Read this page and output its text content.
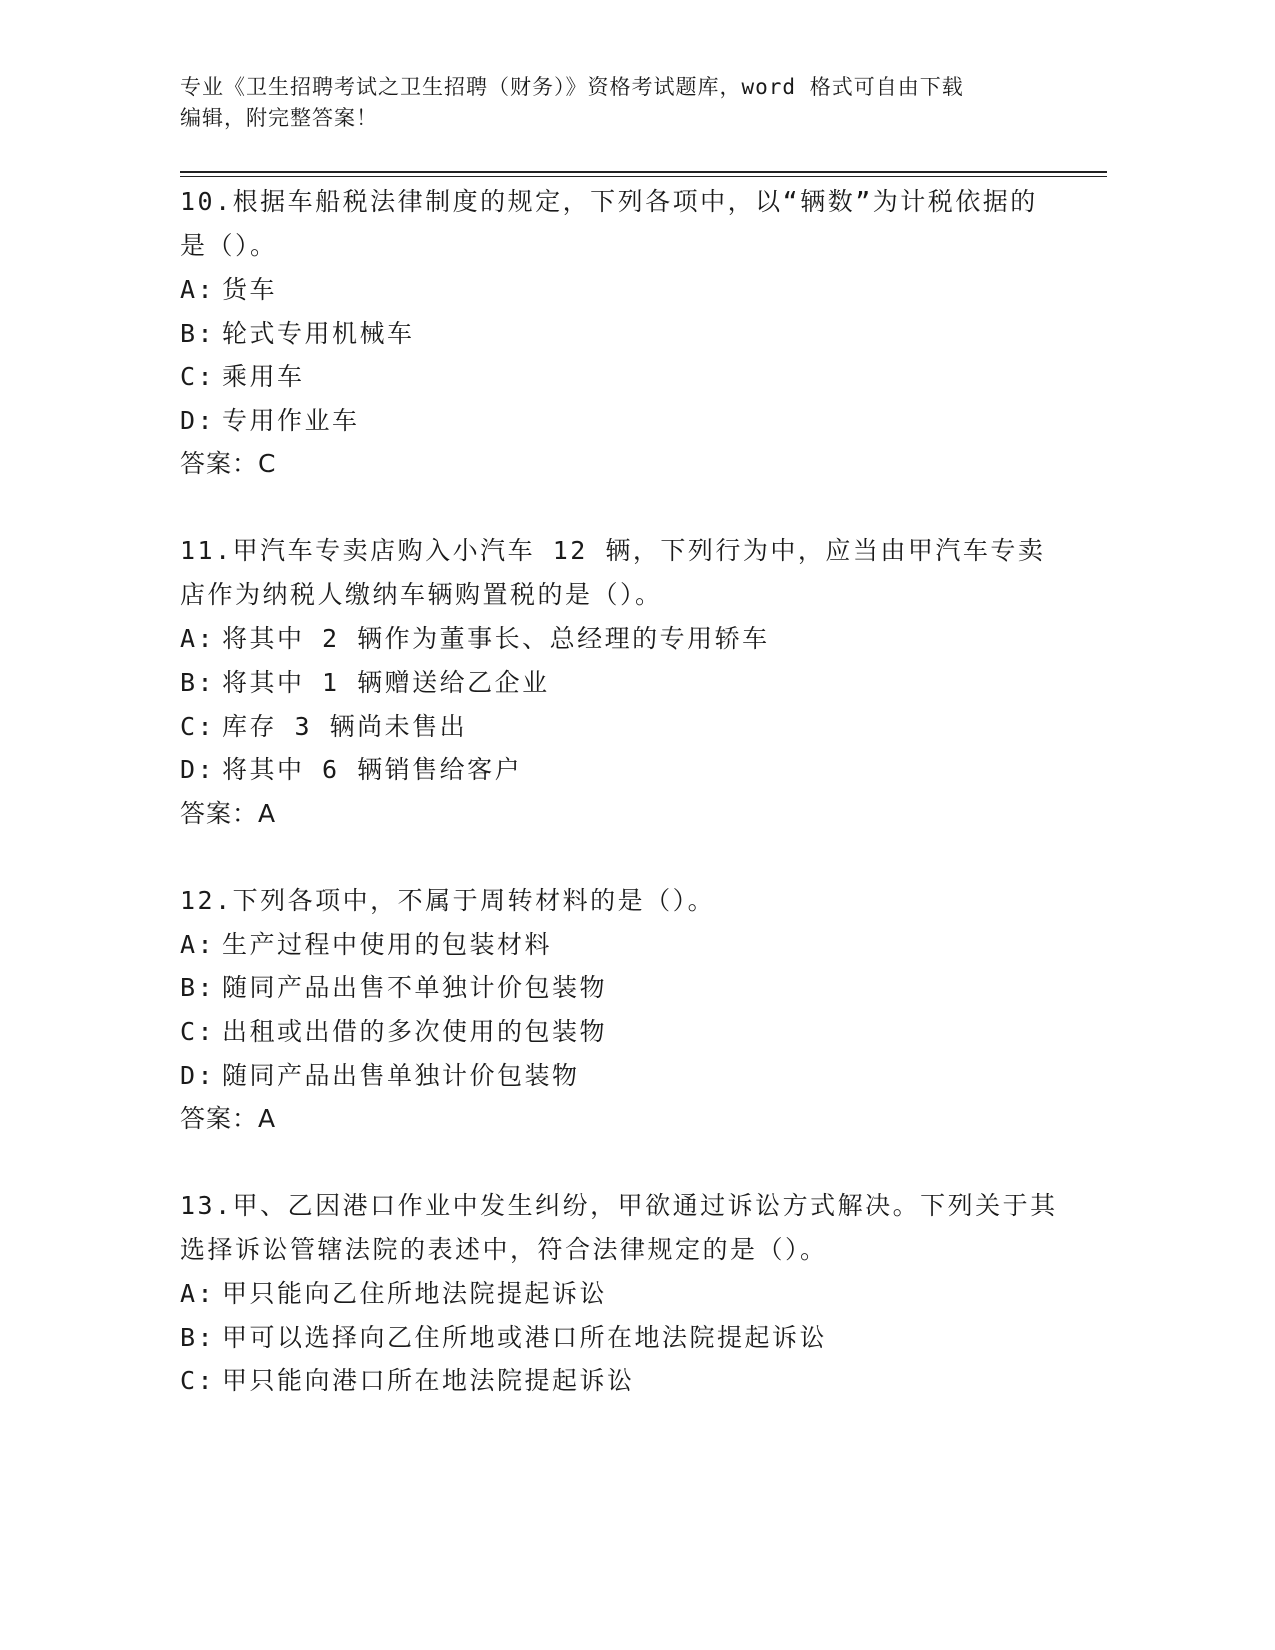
专业《卫生招聘考试之卫生招聘（财务）》资格考试题库，word 格式可自由下载
编辑，附完整答案！

10.根据车船税法律制度的规定，下列各项中，以“辆数”为计税依据的是（）。

A: 货车
B: 轮式专用机械车
C: 乘用车
D: 专用作业车

答案：C

11.甲汽车专卖店购入小汽车 12 辆，下列行为中，应当由甲汽车专卖店作为纳税人缴纳车辆购置税的是（）。

A: 将其中 2 辆作为董事长、总经理的专用轿车
B: 将其中 1 辆赠送给乙企业
C: 库存 3 辆尚未售出
D: 将其中 6 辆销售给客户

答案：A

12.下列各项中，不属于周转材料的是（）。

A: 生产过程中使用的包装材料
B: 随同产品出售不单独计价包装物
C: 出租或出借的多次使用的包装物
D: 随同产品出售单独计价包装物

答案：A

13.甲、乙因港口作业中发生纠纷，甲欲通过诉讼方式解决。下列关于其选择诉讼管辖法院的表述中，符合法律规定的是（）。

A: 甲只能向乙住所地法院提起诉讼
B: 甲可以选择向乙住所地或港口所在地法院提起诉讼
C: 甲只能向港口所在地法院提起诉讼
